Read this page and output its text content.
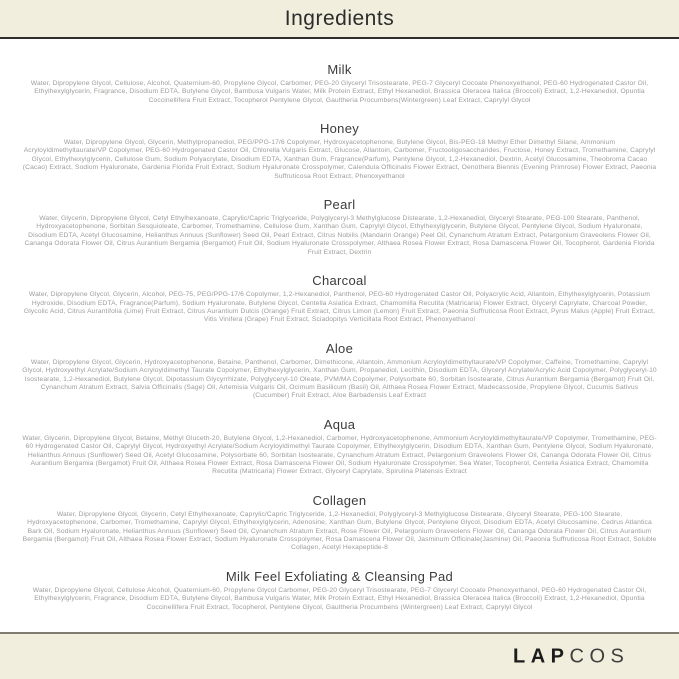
Ingredients
Milk
Water, Dipropylene Glycol, Cellulose, Alcohol, Quaternium-60, Propylene Glycol, Carbomer, PEG-20 Glyceryl Trisostearate, PEG-7 Glyceryl Cocoate Phenoxyethanol, PEG-60 Hydrogenated Castor Oil, Ethylhexylglycerin, Fragrance, Disodium EDTA, Butylene Glycol, Bambusa Vulgaris Water, Milk Protein Extract, Ethyl Hexanediol, Brassica Oleracea Italica (Broccoli) Extract, 1,2-Hexanediol, Opuntia Coccinellifera Fruit Extract, Tocopherol Pentylene Glycol, Gaultheria Procumbens(Wintergreen) Leaf Extract, Caprylyl Glycol
Honey
Water, Dipropylene Glycol, Glycerin, Methylpropanediol, PEG/PPG-17/6 Copolymer, Hydroxyacetophenone, Butylene Glycol, Bis-PEG-18 Methyl Ether Dimethyl Silane, Ammonium Acryloyldimethyltaurate/VP Copolymer, PEG-60 Hydrogenated Castor Oil, Chlorella Vulgaris Extract, Glucose, Allantoin, Carbomer, Fructooligosaccharides, Fructose, Honey Extract, Tromethamine, Caprylyl Glycol, Ethylhexylglycerin, Cellulose Gum, Sodium Polyacrylate, Disodium EDTA, Xanthan Gum, Fragrance(Parfum), Pentylene Glycol, 1,2-Hexanediol, Dextrin, Acetyl Glucosamine, Theobroma Cacao (Cacao) Extract, Sodium Hyaluronate, Gardenia Florida Fruit Extract, Sodium Hyaluronate Crosspolymer, Calendula Officinalis Flower Extract, Oenothera Biennis (Evening Primrose) Flower Extract, Paeonia Suffruticosa Root Extract, Phenoxyethanol
Pearl
Water, Glycerin, Dipropylene Glycol, Cetyl Ethylhexanoate, Caprylic/Capric Triglyceride, Polyglyceryl-3 Methylglucose Distearate, 1,2-Hexanediol, Glyceryl Stearate, PEG-100 Stearate, Panthenol, Hydroxyacetophenone, Sorbitan Sesquioleate, Carbomer, Tromethamine, Cellulose Gum, Xanthan Gum, Caprylyl Glycol, Ethylhexylglycerin, Butylene Glycol, Pentylene Glycol, Sodium Hyaluronate, Disodium EDTA, Acetyl Glucosamine, Helianthus Annuus (Sunflower) Seed Oil, Pearl Extract, Citrus Nobilis (Mandarin Orange) Peel Oil, Cynanchum Atratum Extract, Pelargonium Graveolens Flower Oil, Cananga Odorata Flower Oil, Citrus Aurantium Bergamia (Bergamot) Fruit Oil, Sodium Hyaluronate Crosspolymer, Althaea Rosea Flower Extract, Rosa Damascena Flower Oil, Tocopherol, Gardenia Florida Fruit Extract, Dextrin
Charcoal
Water, Dipropylene Glycol, Glycerin, Alcohol, PEG-75, PEG/PPG-17/6 Copolymer, 1,2-Hexanediol, Panthenol, PEG-60 Hydrogenated Castor Oil, Polyacrylic Acid, Allantoin, Ethylhexylglycerin, Potassium Hydroxide, Disodium EDTA, Fragrance(Parfum), Sodium Hyaluronate, Butylene Glycol, Centella Asiatica Extract, Chamomilla Recutita (Matricaria) Flower Extract, Glyceryl Caprylate, Charcoal Powder, Glycolic Acid, Citrus Aurantifolia (Lime) Fruit Extract, Citrus Aurantium Dulcis (Orange) Fruit Extract, Citrus Limon (Lemon) Fruit Extract, Paeonia Suffruticosa Root Extract, Pyrus Malus (Apple) Fruit Extract, Vitis Vinifera (Grape) Fruit Extract, Sciadopitys Verticillata Root Extract, Phenoxyethanol
Aloe
Water, Dipropylene Glycol, Glycerin, Hydroxyacetophenone, Betaine, Panthenol, Carbomer, Dimethicone, Allantoin, Ammonium Acryloyldimethyltaurate/VP Copolymer, Caffeine, Tromethamine, Caprylyl Glycol, Hydroxyethyl Acrylate/Sodium Acryloyldimethyl Taurate Copolymer, Ethylhexylglycerin, Xanthan Gum, Propanediol, Lecithin, Disodium EDTA, Glyceryl Acrylate/Acrylic Acid Copolymer, Polyglyceryl-10 Isostearate, 1,2-Hexanediol, Butylene Glycol, Dipotassium Glycyrrhizate, Polyglyceryl-10 Oleate, PVM/MA Copolymer, Polysorbate 60, Sorbitan Isostearate, Citrus Aurantium Bergamia (Bergamot) Fruit Oil, Cynanchum Atratum Extract, Salvia Officinalis (Sage) Oil, Artemisia Vulgaris Oil, Ocimum Basilicum (Basil) Oil, Althaea Rosea Flower Extract, Madecassoside, Propylene Glycol, Cucumis Sativus (Cucumber) Fruit Extract, Aloe Barbadensis Leaf Extract
Aqua
Water, Glycerin, Dipropylene Glycol, Betaine, Methyl Gluceth-20, Butylene Glycol, 1,2-Hexanediol, Carbomer, Hydroxyacetophenone, Ammonium Acryloyldimethyltaurate/VP Copolymer, Tromethamine, PEG-60 Hydrogenated Castor Oil, Caprylyl Glycol, Hydroxyethyl Acrylate/Sodium Acryloyldimethyl Taurate Copolymer, Ethylhexylglycerin, Disodium EDTA, Xanthan Gum, Pentylene Glycol, Sodium Hyaluronate, Helianthus Annuus (Sunflower) Seed Oil, Acetyl Glucosamine, Polysorbate 60, Sorbitan Isostearate, Cynanchum Atratum Extract, Pelargonium Graveolens Flower Oil, Cananga Odorata Flower Oil, Citrus Aurantium Bergamia (Bergamot) Fruit Oil, Althaea Rosea Flower Extract, Rosa Damascena Flower Oil, Sodium Hyaluronate Crosspolymer, Sea Water, Tocopherol, Centella Asiatica Extract, Chamomilla Recutita (Matricaria) Flower Extract, Glyceryl Caprylate, Spirulina Platensis Extract
Collagen
Water, Dipropylene Glycol, Glycerin, Cetyl Ethylhexanoate, Caprylic/Capric Triglyceride, 1,2-Hexanediol, Polyglyceryl-3 Methylglucose Distearate, Glyceryl Stearate, PEG-100 Stearate, Hydroxyacetophenone, Carbomer, Tromethamine, Caprylyl Glycol, Ethylhexylglycerin, Adenosine, Xanthan Gum, Butylene Glycol, Pentylene Glycol, Disodium EDTA, Acetyl Glucosamine, Cedrus Atlantica Bark Oil, Sodium Hyaluronate, Helianthus Annuus (Sunflower) Seed Oil, Cynanchum Atratum Extract, Rose Flower Oil, Pelargonium Graveolens Flower Oil, Cananga Odorata Flower Oil, Citrus Aurantium Bergamia (Bergamot) Fruit Oil, Althaea Rosea Flower Extract, Sodium Hyaluronate Crosspolymer, Rosa Damascena Flower Oil, Jasminum Officinale(Jasmine) Oil, Paeonia Suffruticosa Root Extract, Soluble Collagen, Acetyl Hexapeptide-8
Milk Feel Exfoliating & Cleansing Pad
Water, Dipropylene Glycol, Cellulose Alcohol, Quaternium-60, Propylene Glycol Carbomer, PEG-20 Glyceryl Trisostearate, PEG-7 Glyceryl Cocoate Phenoxyethanol, PEG-60 Hydrogenated Castor Oil, Ethylhexylglycerin, Fragrance, Disodium EDTA, Butylene Glycol, Bambusa Vulgaris Water, Milk Protein Extract, Ethyl Hexanediol, Brassica Oleracea Italica (Broccoli) Extract, 1,2-Hexanediol, Opuntia Coccinellifera Fruit Extract, Tocopherol, Pentylene Glycol, Gaultheria Procumbens (Wintergreen) Leaf Extract, Caprylyl Glycol
LAPCOS
